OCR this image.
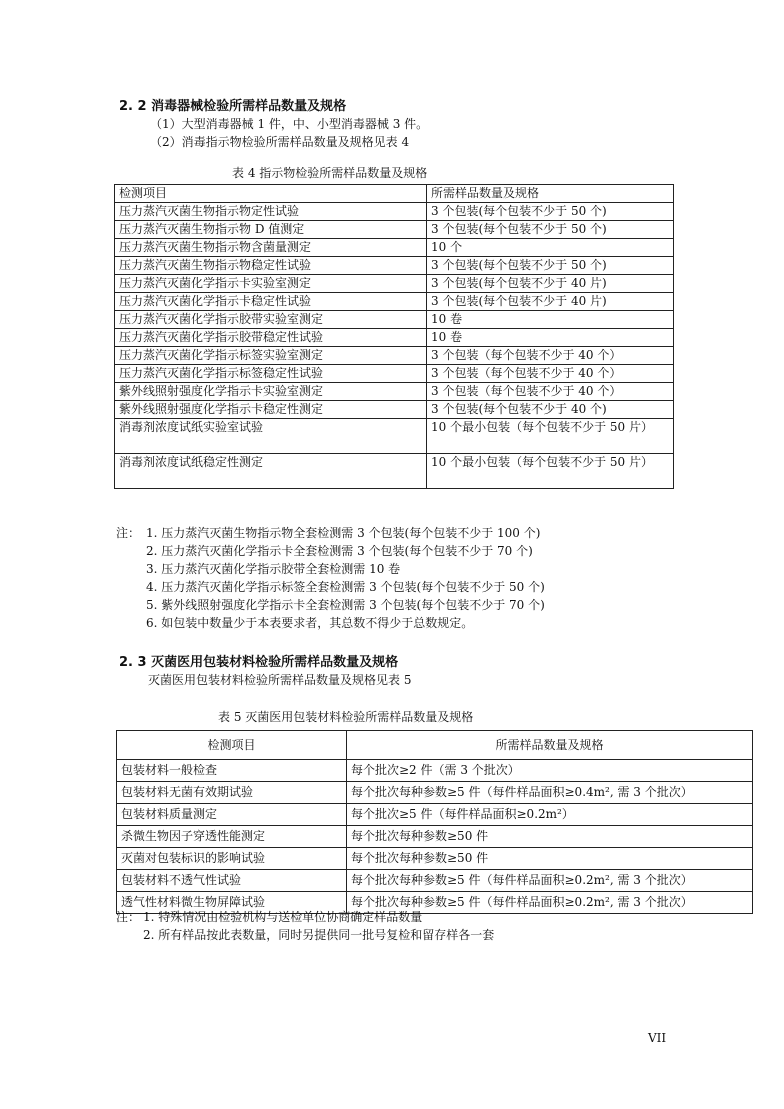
2. 2 消毒器械检验所需样品数量及规格
（1）大型消毒器械 1 件，中、小型消毒器械 3 件。
（2）消毒指示物检验所需样品数量及规格见表 4
表 4 指示物检验所需样品数量及规格
检测项目	所需样品数量及规格
压力蒸汽灭菌生物指示物定性试验	3 个包装(每个包装不少于 50 个)
压力蒸汽灭菌生物指示物 D 值测定	3 个包装(每个包装不少于 50 个)
压力蒸汽灭菌生物指示物含菌量测定	10 个
压力蒸汽灭菌生物指示物稳定性试验	3 个包装(每个包装不少于 50 个)
压力蒸汽灭菌化学指示卡实验室测定	3 个包装(每个包装不少于 40 片)
压力蒸汽灭菌化学指示卡稳定性试验	3 个包装(每个包装不少于 40 片)
压力蒸汽灭菌化学指示胶带实验室测定	10 卷
压力蒸汽灭菌化学指示胶带稳定性试验	10 卷
压力蒸汽灭菌化学指示标签实验室测定	3 个包装（每个包装不少于 40 个）
压力蒸汽灭菌化学指示标签稳定性试验	3 个包装（每个包装不少于 40 个）
紫外线照射强度化学指示卡实验室测定	3 个包装（每个包装不少于 40 个）
紫外线照射强度化学指示卡稳定性测定	3 个包装(每个包装不少于 40 个)
消毒剂浓度试纸实验室试验	10 个最小包装（每个包装不少于 50 片）
消毒剂浓度试纸稳定性测定	10 个最小包装（每个包装不少于 50 片）
注： 1. 压力蒸汽灭菌生物指示物全套检测需 3 个包装(每个包装不少于 100 个)
2. 压力蒸汽灭菌化学指示卡全套检测需 3 个包装(每个包装不少于 70 个)
3. 压力蒸汽灭菌化学指示胶带全套检测需 10 卷
4. 压力蒸汽灭菌化学指示标签全套检测需 3 个包装(每个包装不少于 50 个)
5. 紫外线照射强度化学指示卡全套检测需 3 个包装(每个包装不少于 70 个)
6. 如包装中数量少于本表要求者，其总数不得少于总数规定。
2. 3 灭菌医用包装材料检验所需样品数量及规格
灭菌医用包装材料检验所需样品数量及规格见表 5
表 5 灭菌医用包装材料检验所需样品数量及规格
检测项目	所需样品数量及规格
包装材料一般检查	每个批次≥2 件（需 3 个批次）
包装材料无菌有效期试验	每个批次每种参数≥5 件（每件样品面积≥0.4m², 需 3 个批次）
包装材料质量测定	每个批次≥5 件（每件样品面积≥0.2m²）
杀微生物因子穿透性能测定	每个批次每种参数≥50 件
灭菌对包装标识的影响试验	每个批次每种参数≥50 件
包装材料不透气性试验	每个批次每种参数≥5 件（每件样品面积≥0.2m², 需 3 个批次）
透气性材料微生物屏障试验	每个批次每种参数≥5 件（每件样品面积≥0.2m², 需 3 个批次）
注： 1. 特殊情况由检验机构与送检单位协商确定样品数量
2. 所有样品按此表数量，同时另提供同一批号复检和留存样各一套
VII
